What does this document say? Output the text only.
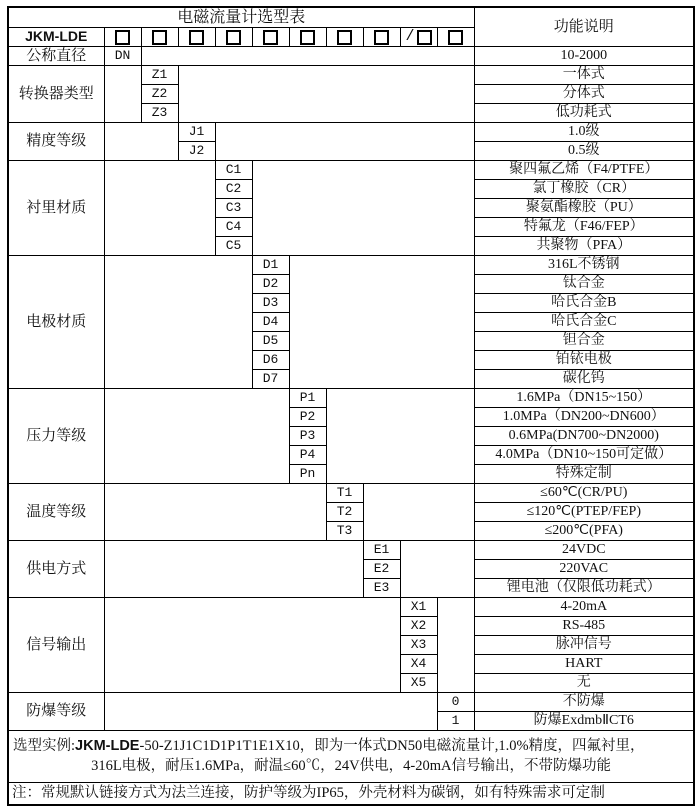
电磁流量计选型表											功能说明
JKM-LDE									/		
公称直径	DN										10-2000
转换器类型		Z1									一体式
		Z2									分体式
		Z3									低功耗式
精度等级			J1								1.0级
			J2								0.5级
衬里材质				C1							聚四氟乙烯（F4/PTFE）
				C2							氯丁橡胶（CR）
				C3							聚氨酯橡胶（PU）
				C4							特氟龙（F46/FEP）
				C5							共聚物（PFA）
电极材质					D1						316L不锈钢
					D2						钛合金
					D3						哈氏合金B
					D4						哈氏合金C
					D5						钽合金
					D6						铂铱电极
					D7						碳化钨
压力等级						P1					1.6MPa（DN15~150）
						P2					1.0MPa（DN200~DN600）
						P3					0.6MPa(DN700~DN2000)
						P4					4.0MPa（DN10~150可定做）
						Pn					特殊定制
温度等级							T1				≤60℃(CR/PU)
							T2				≤120℃(PTEP/FEP)
							T3				≤200℃(PFA)
供电方式								E1			24VDC
								E2			220VAC
								E3			锂电池（仅限低功耗式）
信号输出									X1		4-20mA
									X2		RS-485
									X3		脉冲信号
									X4		HART
									X5		无
防爆等级										0	不防爆
										1	防爆ExdmbⅡCT6

选型实例:JKM-LDE-50-Z1J1C1D1P1T1E1X10，即为一体式DN50电磁流量计,1.0%精度，四氟衬里，
316L电极，耐压1.6MPa，耐温≤60℃，24V供电，4-20mA信号输出，不带防爆功能											

注：常规默认链接方式为法兰连接，防护等级为IP65，外壳材料为碳钢，如有特殊需求可定制											
